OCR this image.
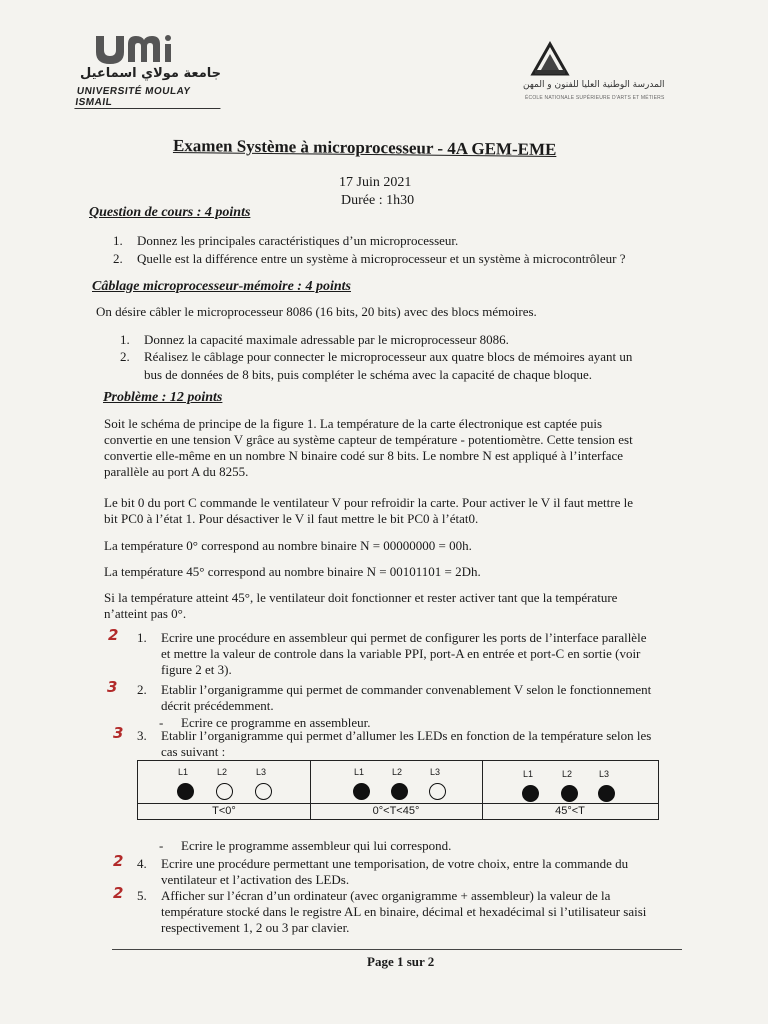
جامعة مولاي اسماعيل
UNIVERSITÉ MOULAY ISMAIL
المدرسة الوطنية العليا للفنون و المهن
ÉCOLE NATIONALE SUPÉRIEURE D'ARTS ET MÉTIERS
Examen Système à microprocesseur - 4A GEM-EME
17 Juin 2021
Durée : 1h30
Question de cours : 4 points
1. Donnez les principales caractéristiques d’un microprocesseur.
2. Quelle est la différence entre un système à microprocesseur et un système à microcontrôleur ?
Câblage microprocesseur-mémoire : 4 points
On désire câbler le microprocesseur 8086 (16 bits, 20 bits) avec des blocs mémoires.
1. Donnez la capacité maximale adressable par le microprocesseur 8086.
2. Réalisez le câblage pour connecter le microprocesseur aux quatre blocs de mémoires ayant un
bus de données de 8 bits, puis compléter le schéma avec la capacité de chaque bloque.
Problème : 12 points
Soit le schéma de principe de la figure 1. La température de la carte électronique est captée puis
convertie en une tension V grâce au système capteur de température - potentiomètre. Cette tension est
convertie elle-même en un nombre N binaire codé sur 8 bits. Le nombre N est appliqué à l’interface
parallèle au port A du 8255.
Le bit 0 du port C commande le ventilateur V pour refroidir la carte. Pour activer le V il faut mettre le
bit PC0 à l’état 1. Pour désactiver le V il faut mettre le bit PC0 à l’état0.
La température 0° correspond au nombre binaire N = 00000000 = 00h.
La température 45° correspond au nombre binaire N = 00101101 = 2Dh.
Si la température atteint 45°, le ventilateur doit fonctionner et rester activer tant que la température
n’atteint pas 0°.
2 1. Ecrire une procédure en assembleur qui permet de configurer les ports de l’interface parallèle
et mettre la valeur de controle dans la variable PPI, port-A en entrée et port-C en sortie (voir
figure 2 et 3).
3 2. Etablir l’organigramme qui permet de commander convenablement V selon le fonctionnement
décrit précédemment.
- Ecrire ce programme en assembleur.
3 3. Etablir l’organigramme qui permet d’allumer les LEDs en fonction de la température selon les
cas suivant :
L1	L2	L3
T<0°
L1	L2	L3
0°<T<45°
L1	L2	L3
45°<T
- Ecrire le programme assembleur qui lui correspond.
2 4. Ecrire une procédure permettant une temporisation, de votre choix, entre la commande du
ventilateur et l’activation des LEDs.
2 5. Afficher sur l’écran d’un ordinateur (avec organigramme + assembleur) la valeur de la
température stocké dans le registre AL en binaire, décimal et hexadécimal si l’utilisateur saisi
respectivement 1, 2 ou 3 par clavier.
Page 1 sur 2
